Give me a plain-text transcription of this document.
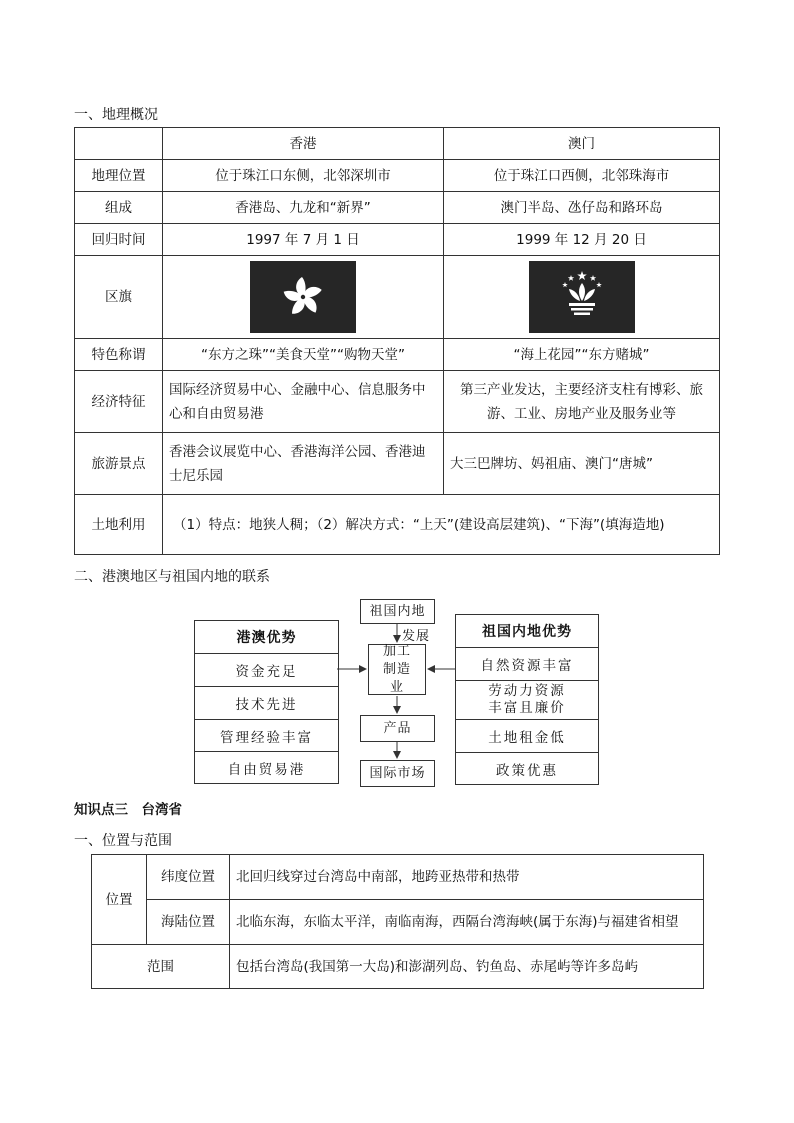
一、地理概况
	香港	澳门
地理位置	位于珠江口东侧，北邻深圳市	位于珠江口西侧，北邻珠海市
组成	香港岛、九龙和“新界”	澳门半岛、氹仔岛和路环岛
回归时间	1997 年 7 月 1 日	1999 年 12 月 20 日
区旗	

特色称谓	“东方之珠”“美食天堂”“购物天堂”	“海上花园”“东方赌城”
经济特征	国际经济贸易中心、金融中心、信息服务中心和自由贸易港	第三产业发达，主要经济支柱有博彩、旅游、工业、房地产业及服务业等
旅游景点	香港会议展览中心、香港海洋公园、香港迪士尼乐园	大三巴牌坊、妈祖庙、澳门“唐城”
土地利用	（1）特点：地狭人稠；（2）解决方式：“上天”(建设高层建筑)、“下海”(填海造地)	
二、港澳地区与祖国内地的联系
港澳优势
资金充足
技术先进
管理经验丰富
自由贸易港
祖国内地优势
自然资源丰富
劳动力资源丰富且廉价
土地租金低
政策优惠
祖国内地
发展
加工制造业
产品
国际市场
知识点三　台湾省
一、位置与范围
位置	纬度位置	北回归线穿过台湾岛中南部，地跨亚热带和热带
	海陆位置	北临东海，东临太平洋，南临南海，西隔台湾海峡(属于东海)与福建省相望
范围		包括台湾岛(我国第一大岛)和澎湖列岛、钓鱼岛、赤尾屿等许多岛屿
